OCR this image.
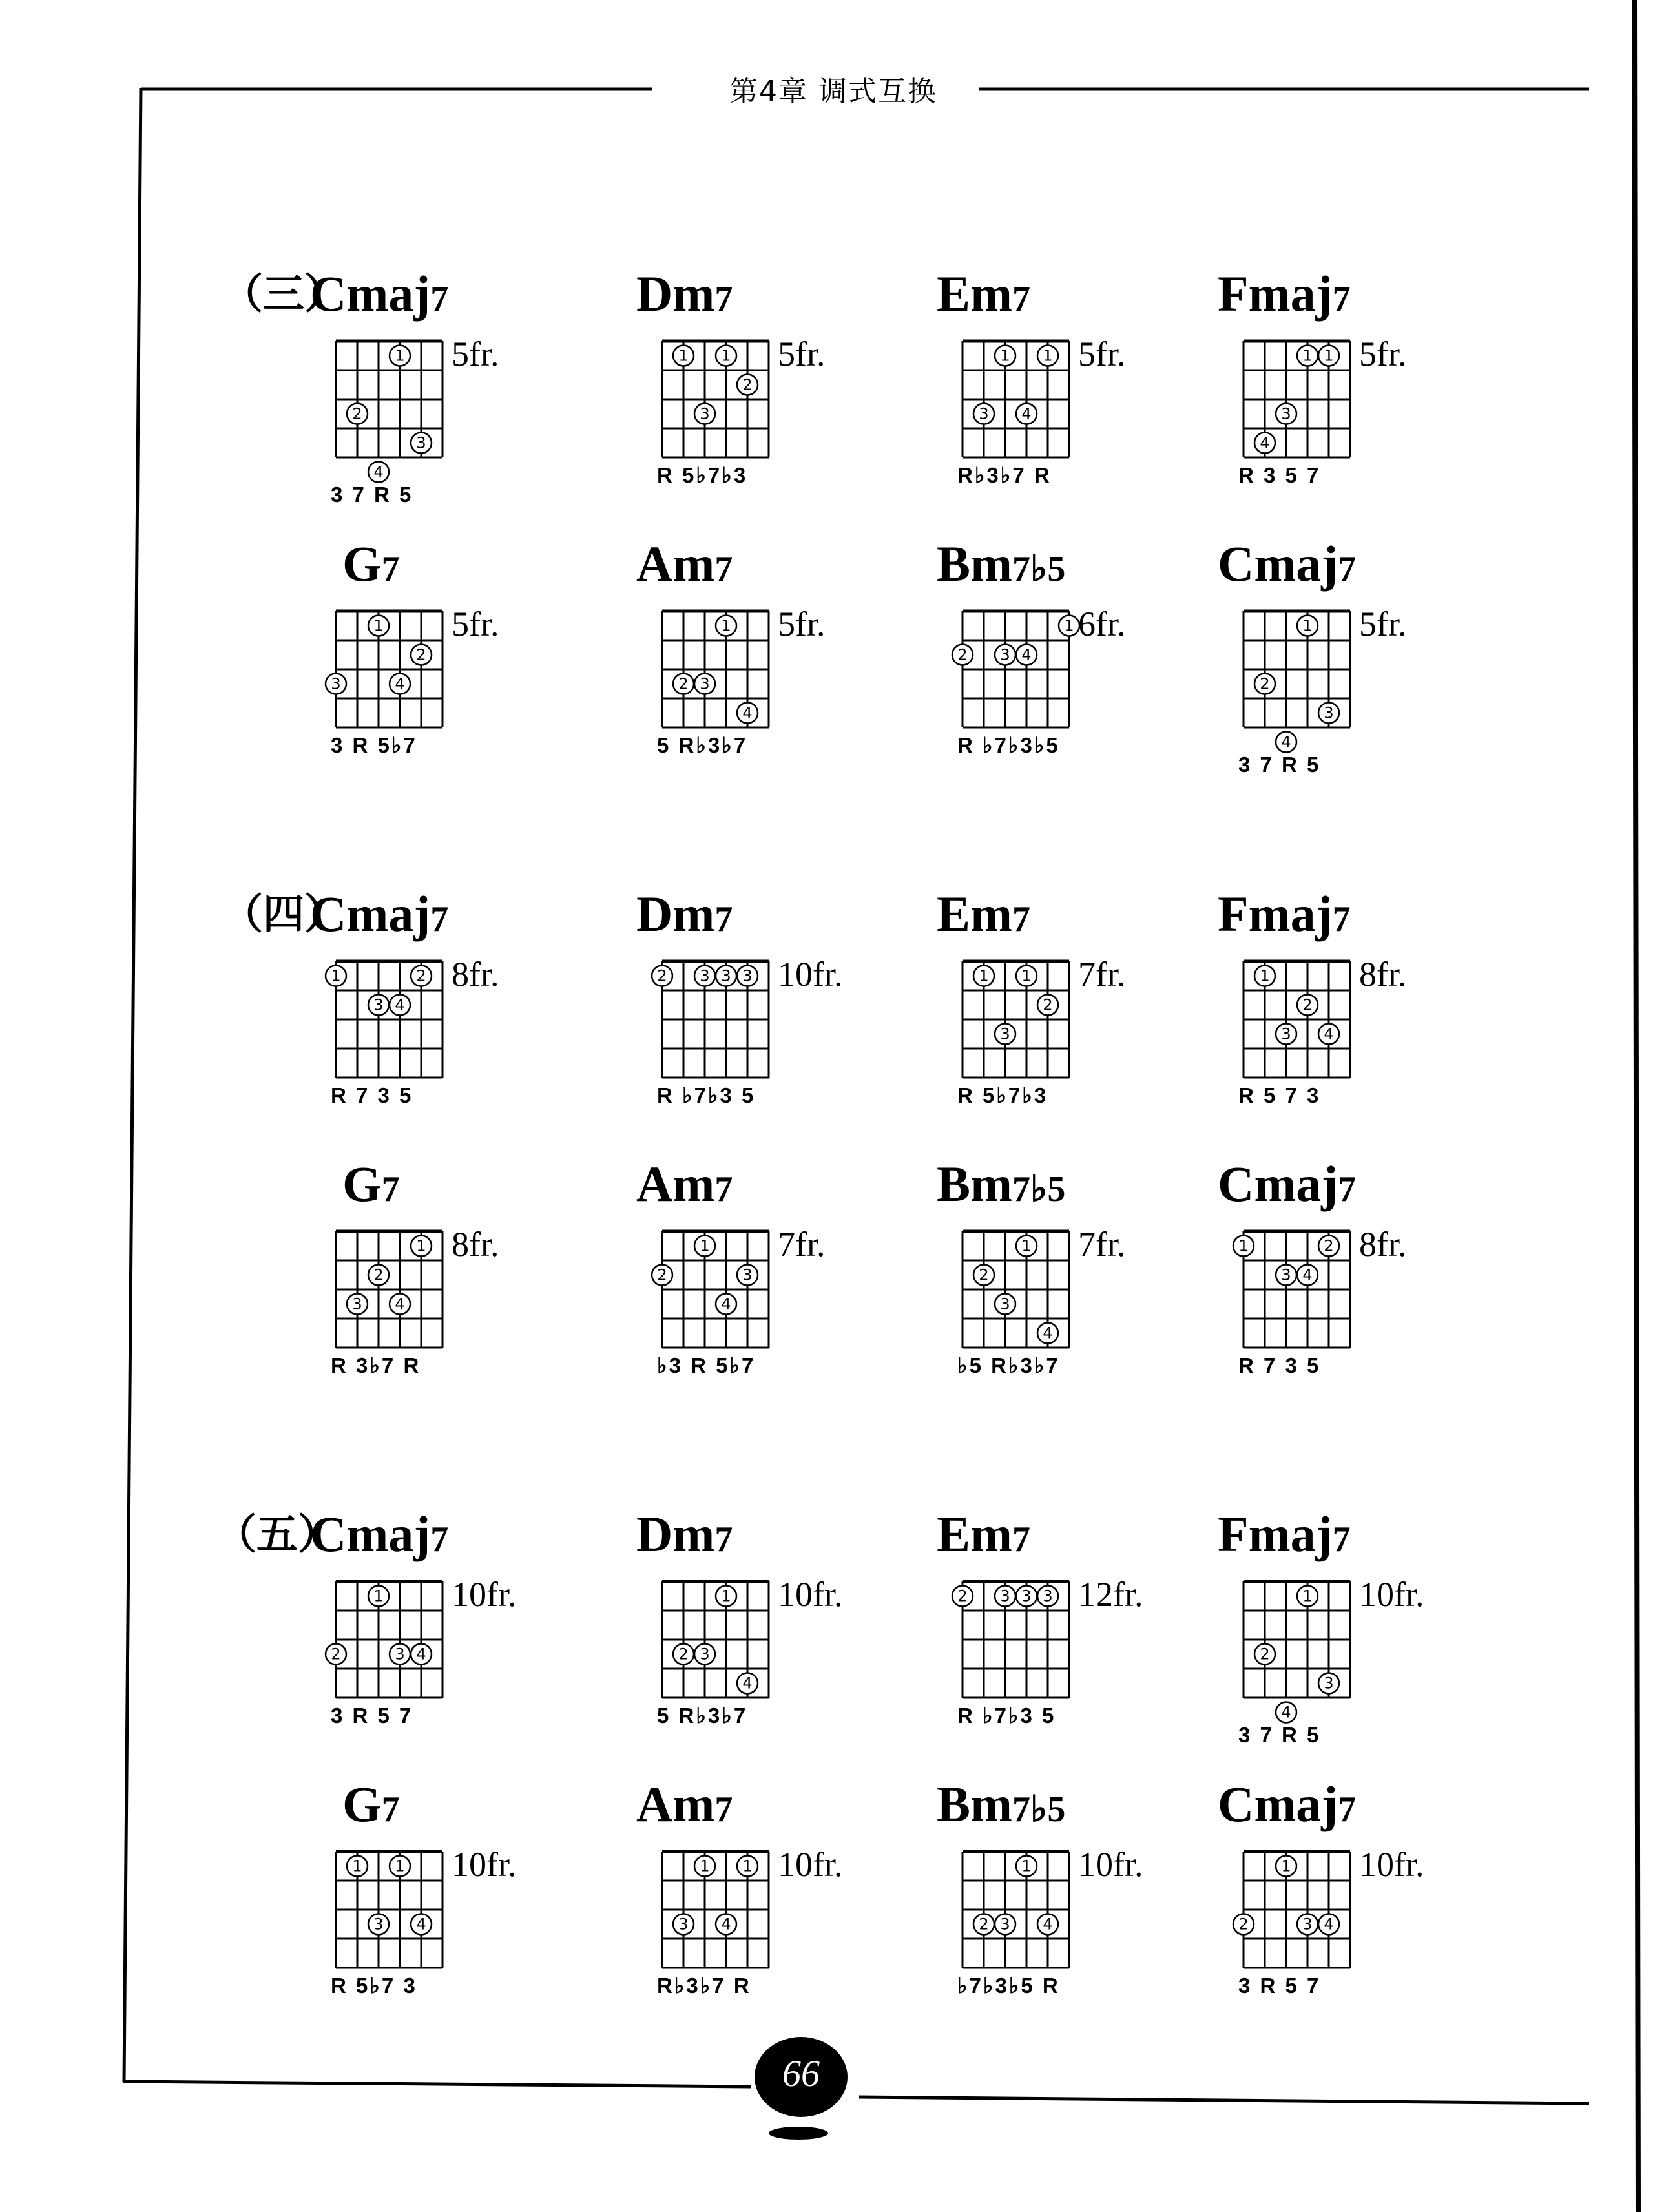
第4章 调式互换
（三）
Cmaj7
1
2
3
4
5fr.
3 7 R 5
Dm7
1 1
2
3
5fr.
R 5♭7♭3
Em7
1 1
3 4
5fr.
R♭3♭7 R
Fmaj7
1 1
3
4
5fr.
R 3 5 7
G7
1
2
3	4
5fr.
3 R 5♭7
Am7
1
2 3
4
5fr.
5 R♭3♭7
Bm7♭5
1
2 3 4
6fr.
R ♭7♭3♭5
Cmaj7
1
2
3
4
5fr.
3 7 R 5
（四）
Cmaj7
1	2
3 4
8fr.
R 7 3 5
Dm7
2 3 3 3 10fr.
R ♭7♭3 5
Em7
1 1
2
3
7fr.
R 5♭7♭3
Fmaj7
1
2
3 4
8fr.
R 5 7 3
G7
1
2
3 4
8fr.
R 3♭7 R
Am7
1
2	3
4
7fr.
♭3 R 5♭7
Bm7♭5
1
2
3
4
7fr.
♭5 R♭3♭7
Cmaj7
1	2
3 4
8fr.
R 7 3 5
（五）
Cmaj7
1
2	3 4
10fr.
3 R 5 7
Dm7
1
2 3
4
10fr.
5 R♭3♭7
Em7
2 3 3 3 12fr.
R ♭7♭3 5
Fmaj7
1
2
3
4
10fr.
3 7 R 5
G7
1 1
3 4
10fr.
R 5♭7 3
Am7
1 1
3 4
10fr.
R♭3♭7 R
Bm7♭5
1
2 3 4
10fr.
♭7♭3♭5 R
Cmaj7
1
2	3 4
10fr.
3 R 5 7
66
